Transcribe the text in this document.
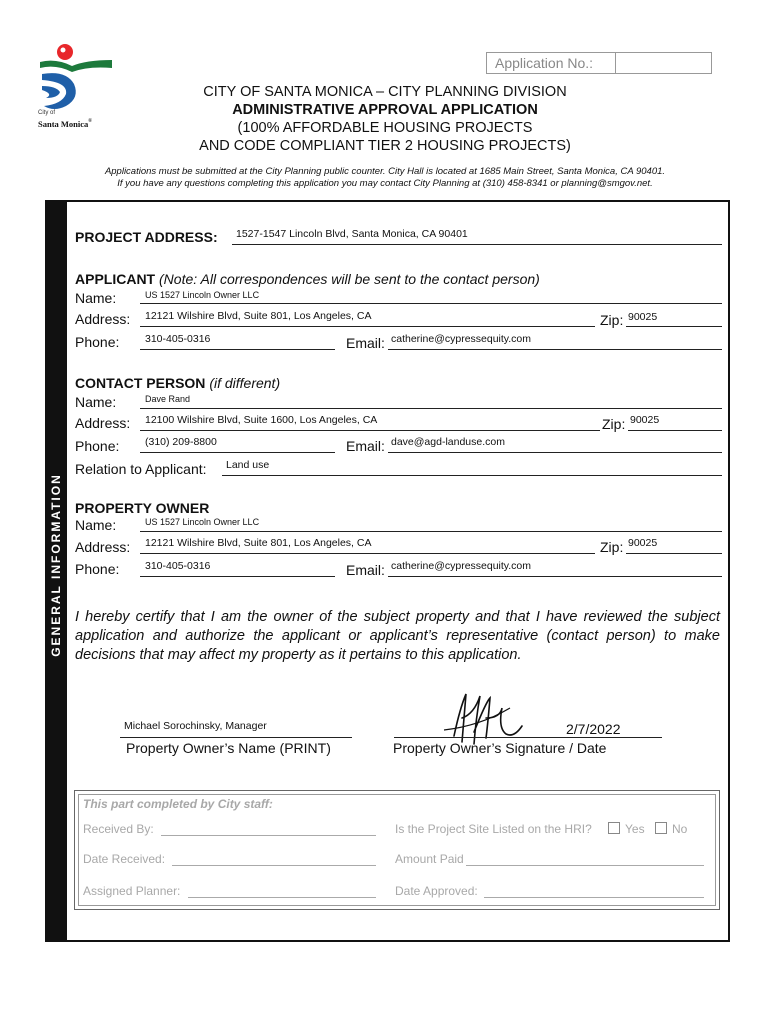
City of
Santa Monica®
Application No.:
CITY OF SANTA MONICA – CITY PLANNING DIVISION
ADMINISTRATIVE APPROVAL APPLICATION
(100% AFFORDABLE HOUSING PROJECTS
AND CODE COMPLIANT TIER 2 HOUSING PROJECTS)
Applications must be submitted at the City Planning public counter. City Hall is located at 1685 Main Street, Santa Monica, CA 90401.
If you have any questions completing this application you may contact City Planning at (310) 458-8341 or planning@smgov.net.
GENERAL INFORMATION
PROJECT ADDRESS: 1527-1547 Lincoln Blvd, Santa Monica, CA 90401
APPLICANT (Note: All correspondences will be sent to the contact person)
Name:	US 1527 Lincoln Owner LLC
Address: 12121 Wilshire Blvd, Suite 801, Los Angeles, CA	Zip: 90025
Phone: 310-405-0316	Email: catherine@cypressequity.com
CONTACT PERSON (if different)
Name:	Dave Rand
Address: 12100 Wilshire Blvd, Suite 1600, Los Angeles, CA	Zip: 90025
Phone: (310) 209-8800	Email: dave@agd-landuse.com
Relation to Applicant: Land use
PROPERTY OWNER
Name:	US 1527 Lincoln Owner LLC
Address: 12121 Wilshire Blvd, Suite 801, Los Angeles, CA	Zip: 90025
Phone: 310-405-0316	Email: catherine@cypressequity.com
I hereby certify that I am the owner of the subject property and that I have reviewed the subject application and authorize the applicant or applicant’s representative (contact person) to make decisions that may affect my property as it pertains to this application.
Michael Sorochinsky, Manager
Property Owner’s Name (PRINT)
2/7/2022
Property Owner’s Signature / Date
This part completed by City staff:
Received By:	Is the Project Site Listed on the HRI?	Yes No
Date Received:	Amount Paid
Assigned Planner:	Date Approved:
